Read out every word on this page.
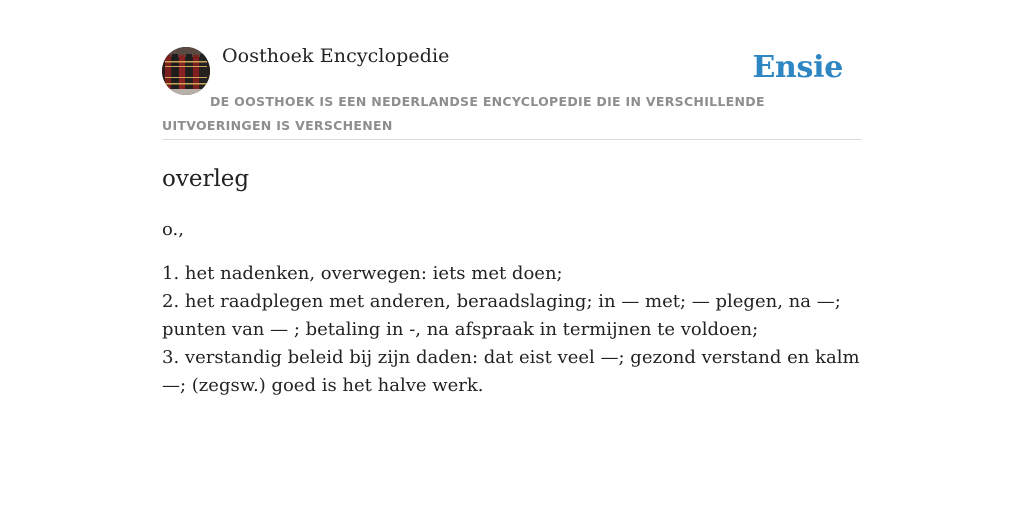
Oosthoek Encyclopedie	Ensie

DE OOSTHOEK IS EEN NEDERLANDSE ENCYCLOPEDIE DIE IN VERSCHILLENDE UITVOERINGEN IS VERSCHENEN

overleg

o.,

1. het nadenken, overwegen: iets met doen;
2. het raadplegen met anderen, beraadslaging; in — met; — plegen, na —; punten van — ; betaling in -, na afspraak in termijnen te voldoen;
3. verstandig beleid bij zijn daden: dat eist veel —; gezond verstand en kalm —; (zegsw.) goed is het halve werk.
